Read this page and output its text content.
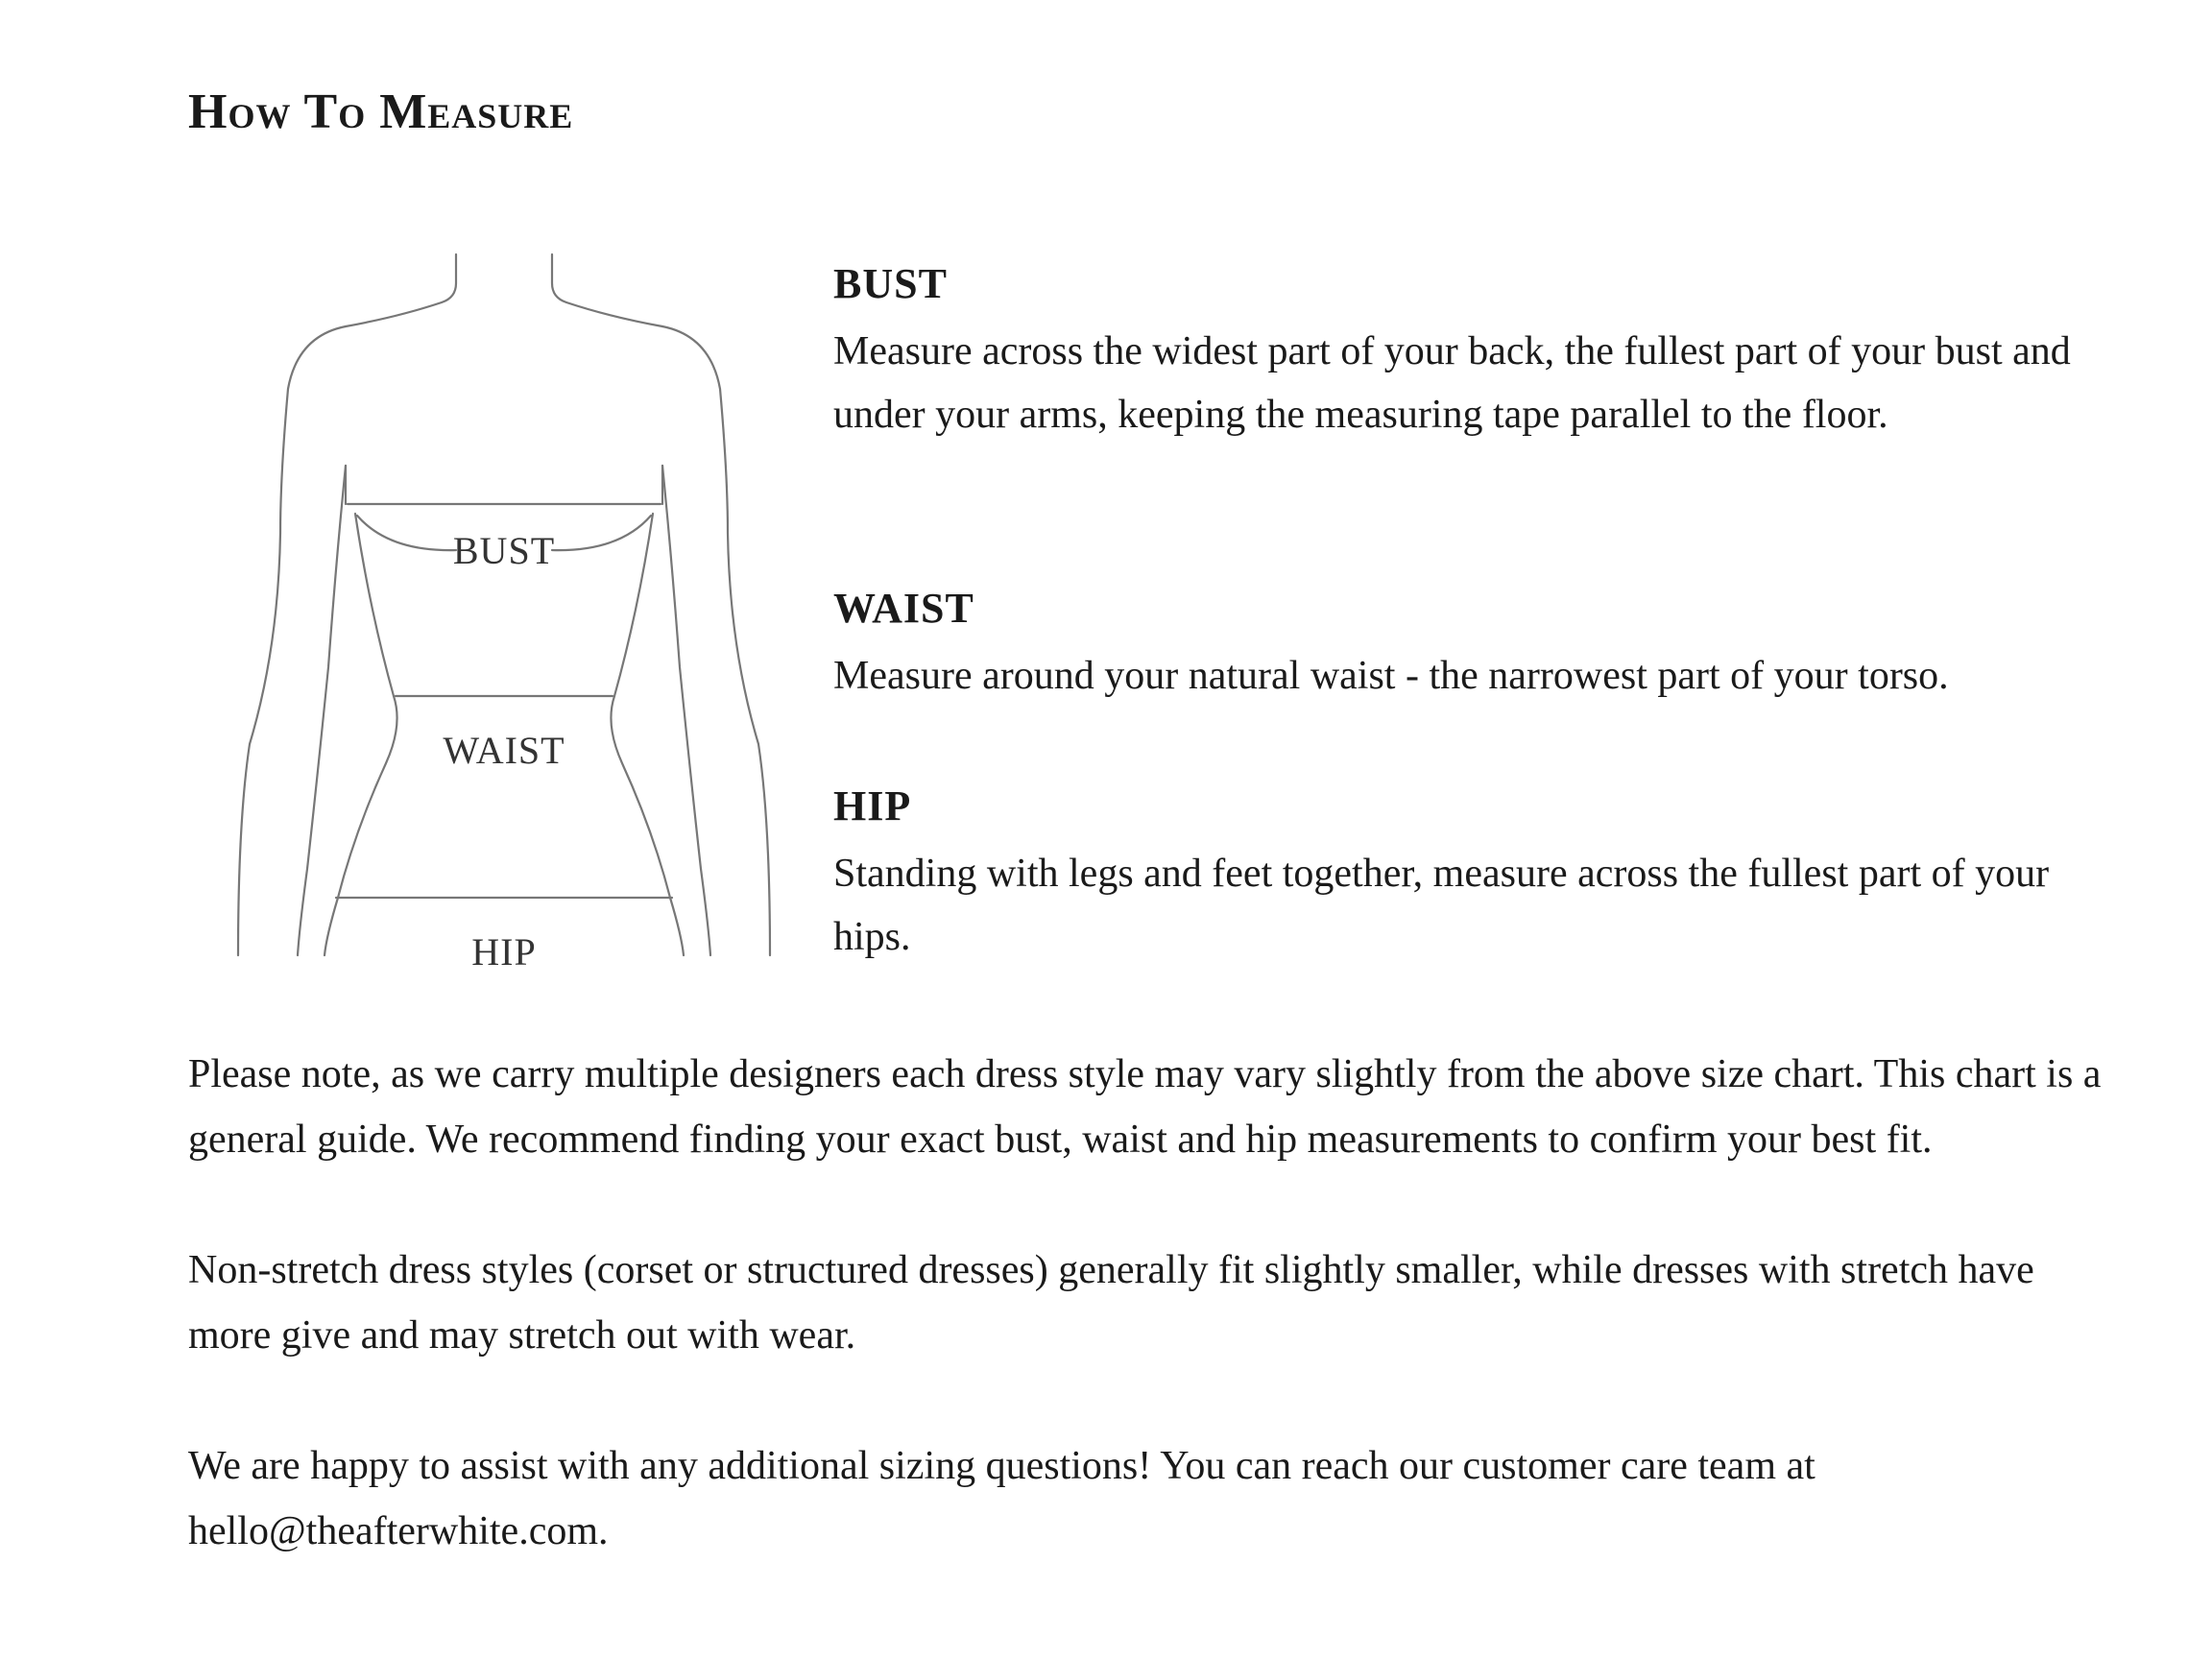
How To Measure
BUST
WAIST
HIP
BUST

Measure across the widest part of your back, the fullest part of your bust and under your arms, keeping the measuring tape parallel to the floor.

WAIST

Measure around your natural waist - the narrowest part of your torso.

HIP

Standing with legs and feet together, measure across the fullest part of your hips.

Please note, as we carry multiple designers each dress style may vary slightly from the above size chart. This chart is a general guide. We recommend finding your exact bust, waist and hip measurements to confirm your best fit.

Non-stretch dress styles (corset or structured dresses) generally fit slightly smaller, while dresses with stretch have more give and may stretch out with wear.

We are happy to assist with any additional sizing questions! You can reach our customer care team at hello@theafterwhite.com.
